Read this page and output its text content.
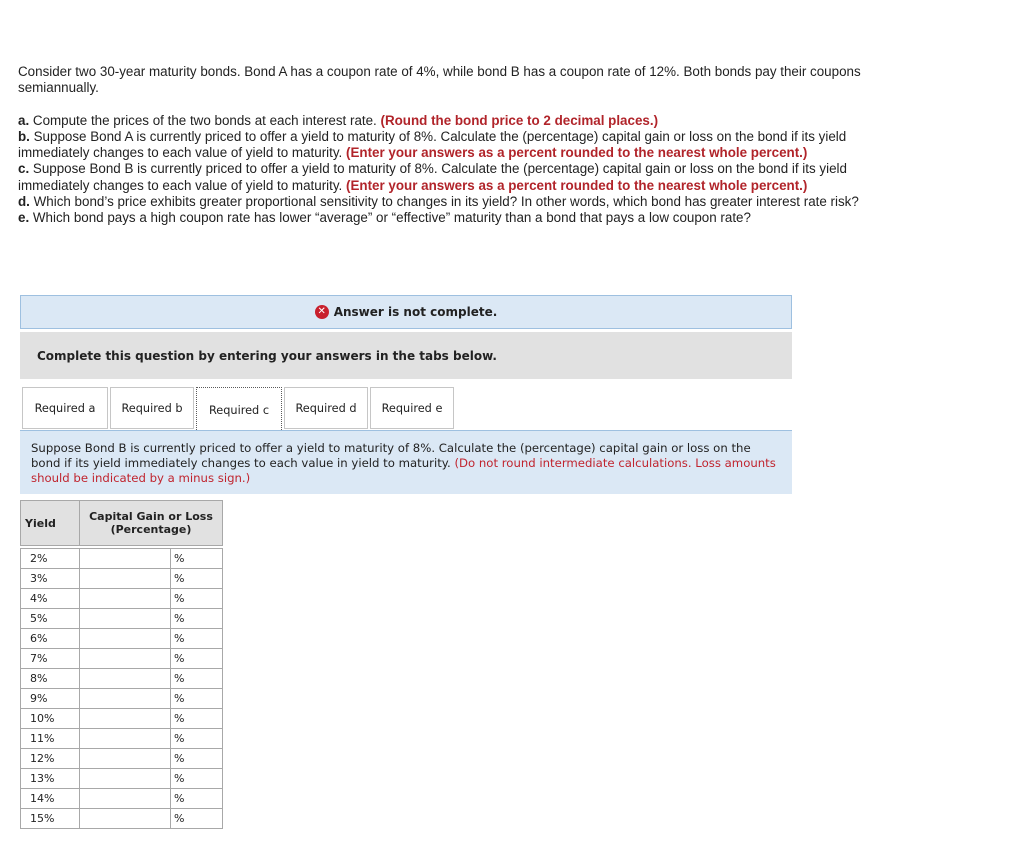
Consider two 30-year maturity bonds. Bond A has a coupon rate of 4%, while bond B has a coupon rate of 12%. Both bonds pay their coupons semiannually.

a. Compute the prices of the two bonds at each interest rate. (Round the bond price to 2 decimal places.)

b. Suppose Bond A is currently priced to offer a yield to maturity of 8%. Calculate the (percentage) capital gain or loss on the bond if its yield immediately changes to each value of yield to maturity. (Enter your answers as a percent rounded to the nearest whole percent.)

c. Suppose Bond B is currently priced to offer a yield to maturity of 8%. Calculate the (percentage) capital gain or loss on the bond if its yield immediately changes to each value of yield to maturity. (Enter your answers as a percent rounded to the nearest whole percent.)

d. Which bond’s price exhibits greater proportional sensitivity to changes in its yield? In other words, which bond has greater interest rate risk?

e. Which bond pays a high coupon rate has lower “average” or “effective” maturity than a bond that pays a low coupon rate?

✕ Answer is not complete.
Complete this question by entering your answers in the tabs below.
Required a	Required b	Required c	Required d	Required e
Suppose Bond B is currently priced to offer a yield to maturity of 8%. Calculate the (percentage) capital gain or loss on the bond if its yield immediately changes to each value in yield to maturity. (Do not round intermediate calculations. Loss amounts should be indicated by a minus sign.)
Yield	Capital Gain or Loss (Percentage)	

2%		%
3%		%
4%		%
5%		%
6%		%
7%		%
8%		%
9%		%
10%		%
11%		%
12%		%
13%		%
14%		%
15%		%
